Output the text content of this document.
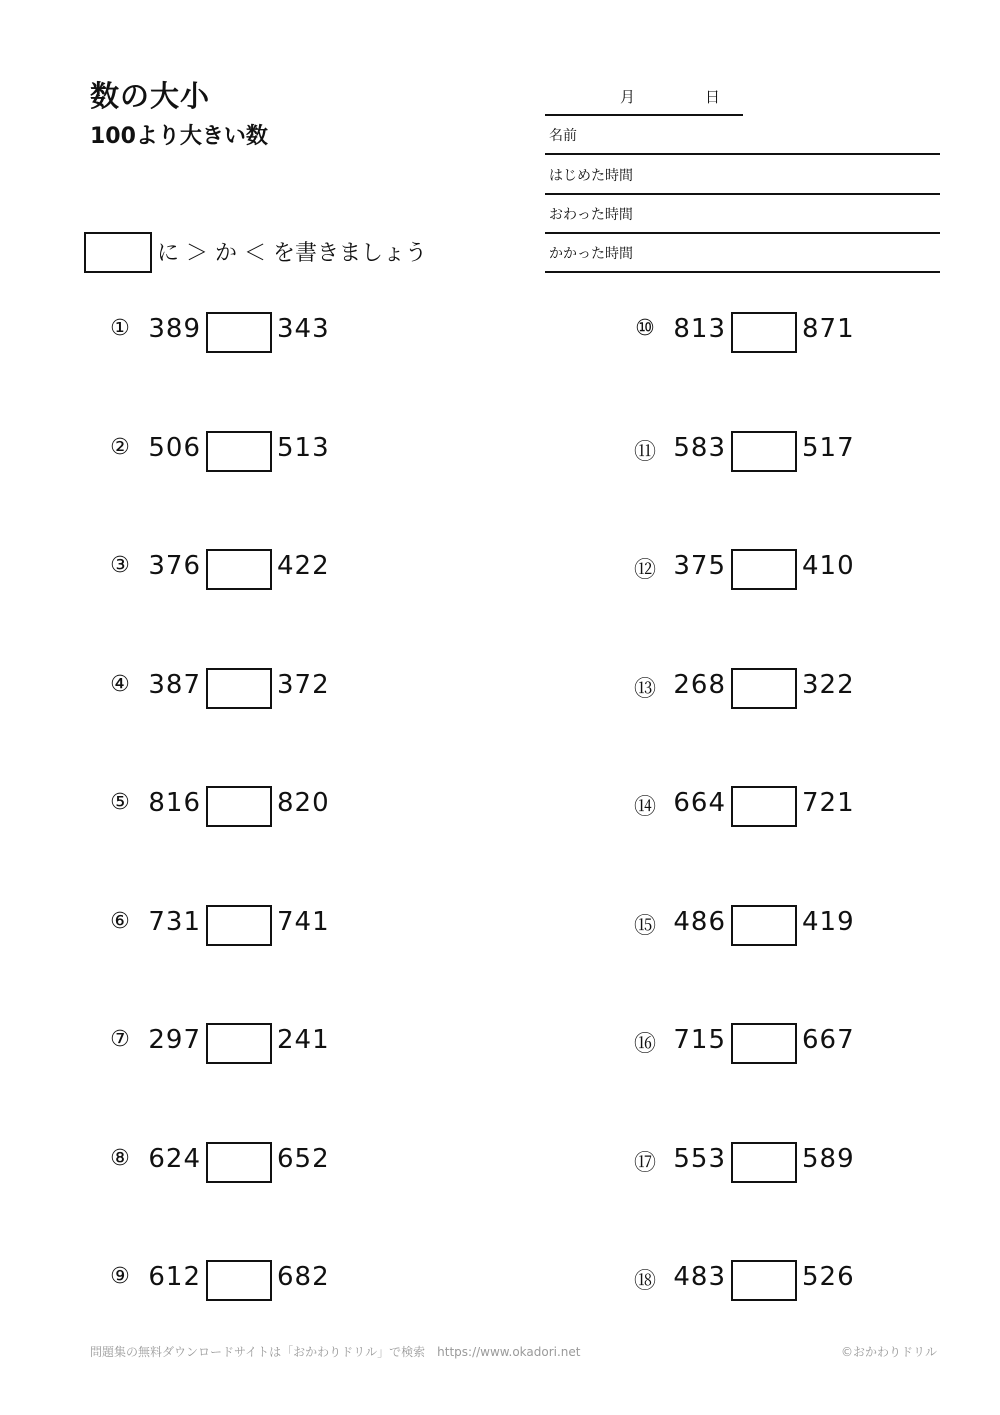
数の大小
100より大きい数
月	日
名前
はじめた時間
おわった時間
かかった時間
に ＞ か ＜ を書きましょう
① 389	343
② 506	513
③ 376	422
④ 387	372
⑤ 816	820
⑥ 731	741
⑦ 297	241
⑧ 624	652
⑨ 612	682
⑩ 813	871
⑪ 583	517
⑫ 375	410
⑬ 268	322
⑭ 664	721
⑮ 486	419
⑯ 715	667
⑰ 553	589
⑱ 483	526
問題集の無料ダウンロードサイトは「おかわりドリル」で検索　https://www.okadori.net	©おかわりドリル
